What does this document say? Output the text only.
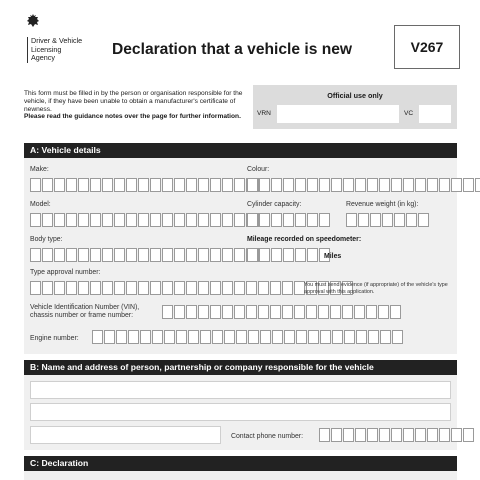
Driver & Vehicle
Licensing
Agency	Declaration that a vehicle is new	V267
This form must be filled in by the person or organisation responsible for the vehicle, if they have been unable to obtain a manufacturer's certificate of newness.
Please read the guidance notes over the page for further information.
Official use only
VRN	VC
A: Vehicle details
Make:	Colour:
Model:	Cylinder capacity:	Revenue weight (in kg):
Body type:	Mileage recorded on speedometer:
Miles
Type approval number:
You must send evidence (if appropriate) of the vehicle's type approval with this application.
Vehicle Identification Number (VIN), chassis number or frame number:
Engine number:
B: Name and address of person, partnership or company responsible for the vehicle
Contact phone number:
C: Declaration
